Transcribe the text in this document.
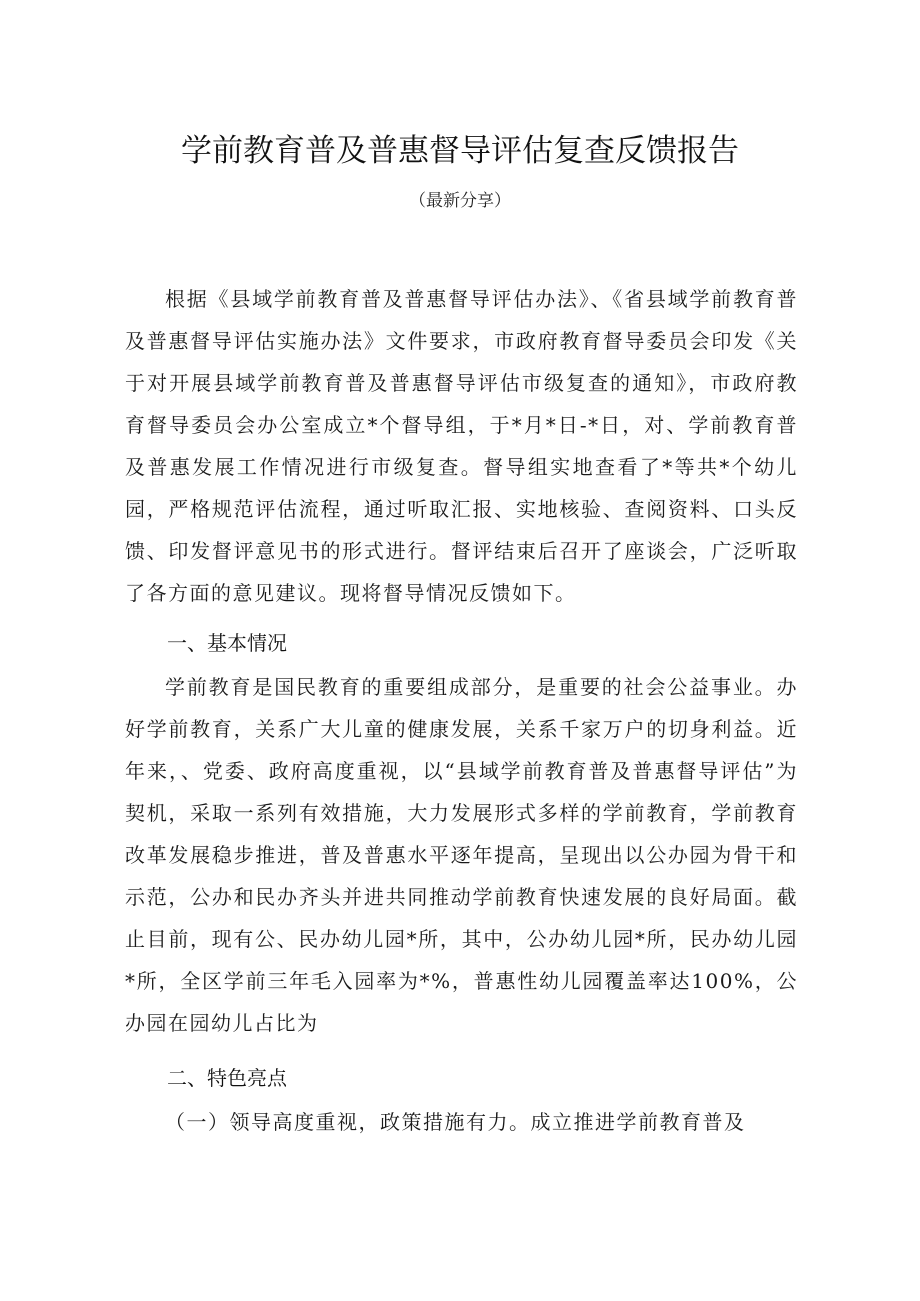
学前教育普及普惠督导评估复查反馈报告
（最新分享）

根据《县域学前教育普及普惠督导评估办法》、《省县域学前教育普及普惠督导评估实施办法》文件要求，市政府教育督导委员会印发《关于对开展县域学前教育普及普惠督导评估市级复查的通知》，市政府教育督导委员会办公室成立*个督导组，于*月*日-*日，对、学前教育普及普惠发展工作情况进行市级复查。督导组实地查看了*等共*个幼儿园，严格规范评估流程，通过听取汇报、实地核验、查阅资料、口头反馈、印发督评意见书的形式进行。督评结束后召开了座谈会，广泛听取了各方面的意见建议。现将督导情况反馈如下。

一、基本情况

学前教育是国民教育的重要组成部分，是重要的社会公益事业。办好学前教育，关系广大儿童的健康发展，关系千家万户的切身利益。近年来，、党委、政府高度重视，以“县域学前教育普及普惠督导评估”为契机，采取一系列有效措施，大力发展形式多样的学前教育，学前教育改革发展稳步推进，普及普惠水平逐年提高，呈现出以公办园为骨干和示范，公办和民办齐头并进共同推动学前教育快速发展的良好局面。截止目前，现有公、民办幼儿园*所，其中，公办幼儿园*所，民办幼儿园*所，全区学前三年毛入园率为*%，普惠性幼儿园覆盖率达100%，公办园在园幼儿占比为

二、特色亮点

（一）领导高度重视，政策措施有力。成立推进学前教育普及
